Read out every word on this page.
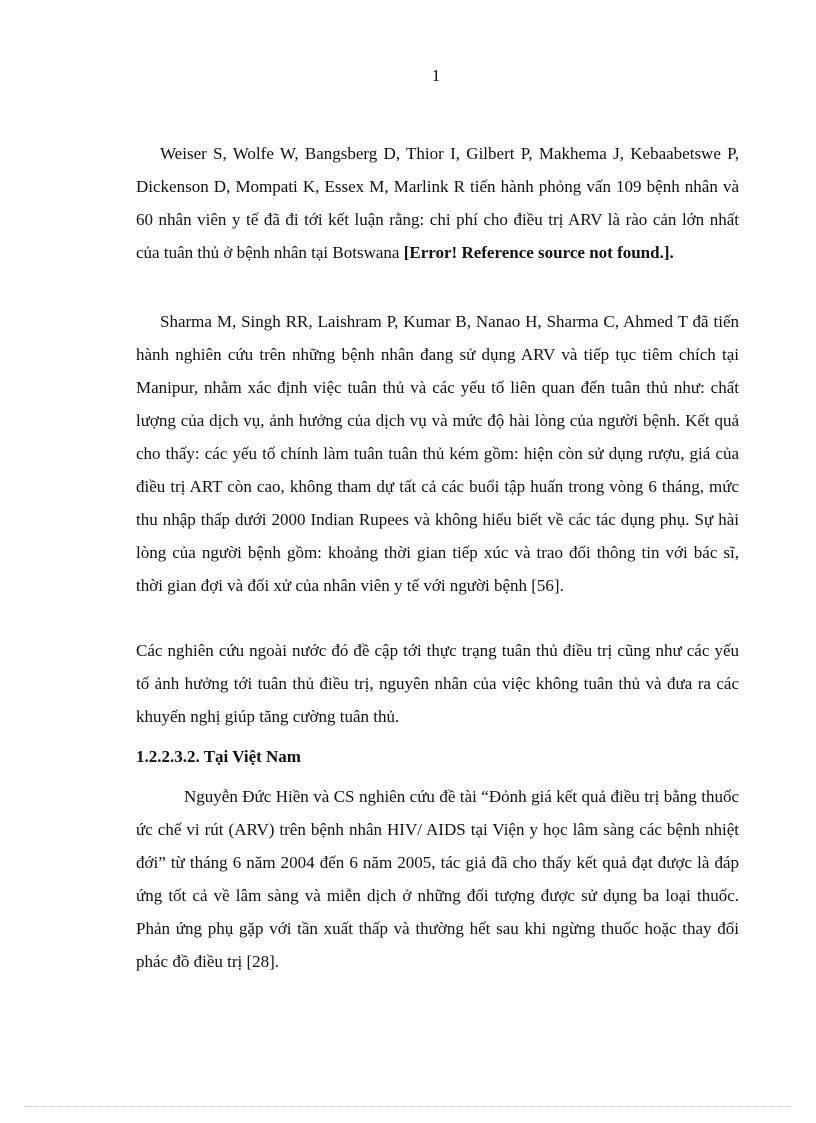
1

Weiser S, Wolfe W, Bangsberg D, Thior I, Gilbert P, Makhema J, Kebaabetswe P, Dickenson D, Mompati K, Essex M, Marlink R tiến hành phỏng vấn 109 bệnh nhân và 60 nhân viên y tế đã đi tới kết luận rằng: chi phí cho điều trị ARV là rào cản lớn nhất của tuân thủ ở bệnh nhân tại Botswana [Error! Reference source not found.].

Sharma M, Singh RR, Laishram P, Kumar B, Nanao H, Sharma C, Ahmed T đã tiến hành nghiên cứu trên những bệnh nhân đang sử dụng ARV và tiếp tục tiêm chích tại Manipur, nhằm xác định việc tuân thủ và các yếu tố liên quan đến tuân thủ như: chất lượng của dịch vụ, ảnh hưởng của dịch vụ và mức độ hài lòng của người bệnh. Kết quả cho thấy: các yếu tố chính làm tuân tuân thủ kém gồm: hiện còn sử dụng rượu, giá của điều trị ART còn cao, không tham dự tất cả các buổi tập huấn trong vòng 6 tháng, mức thu nhập thấp dưới 2000 Indian Rupees và không hiểu biết về các tác dụng phụ. Sự hài lòng của người bệnh gồm: khoảng thời gian tiếp xúc và trao đổi thông tin với bác sĩ, thời gian đợi và đối xử của nhân viên y tế với người bệnh [56].

Các nghiên cứu ngoài nước đó đề cập tới thực trạng tuân thủ điều trị cũng như các yếu tố ảnh hưởng tới tuân thủ điều trị, nguyên nhân của việc không tuân thủ và đưa ra các khuyến nghị giúp tăng cường tuân thủ.

1.2.2.3.2. Tại Việt Nam

Nguyễn Đức Hiền và CS nghiên cứu đề tài “Đỏnh giá kết quả điều trị bằng thuốc ức chế vi rút (ARV) trên bệnh nhân HIV/ AIDS tại Viện y học lâm sàng các bệnh nhiệt đới” từ tháng 6 năm 2004 đến 6 năm 2005, tác giả đã cho thấy kết quả đạt được là đáp ứng tốt cả về lâm sàng và miễn dịch ở những đối tượng được sử dụng ba loại thuốc. Phản ứng phụ gặp với tần xuất thấp và thường hết sau khi ngừng thuốc hoặc thay đổi phác đồ điều trị [28].
